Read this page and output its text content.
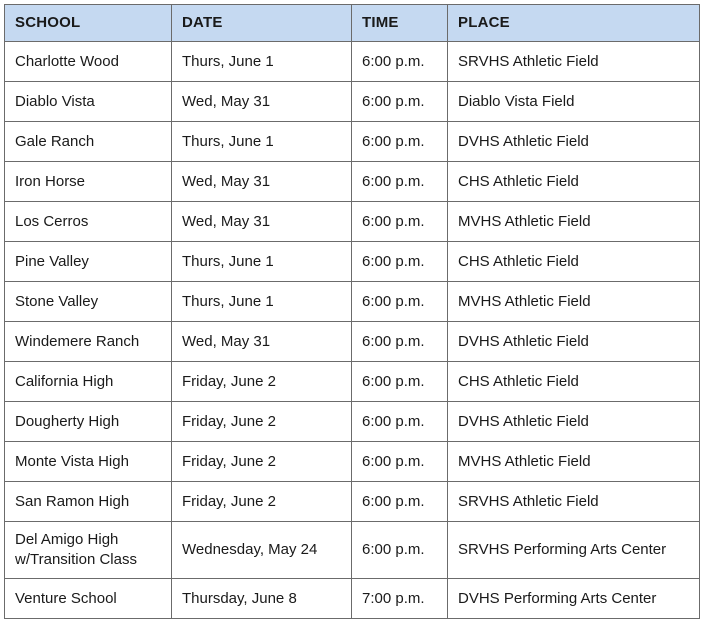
SCHOOL	DATE	TIME	PLACE

Charlotte Wood	Thurs, June 1	6:00 p.m.	SRVHS Athletic Field

Diablo Vista	Wed, May 31	6:00 p.m.	Diablo Vista Field

Gale Ranch	Thurs, June 1	6:00 p.m.	DVHS Athletic Field

Iron Horse	Wed, May 31	6:00 p.m.	CHS Athletic Field

Los Cerros	Wed, May 31	6:00 p.m.	MVHS Athletic Field

Pine Valley	Thurs, June 1	6:00 p.m.	CHS Athletic Field

Stone Valley	Thurs, June 1	6:00 p.m.	MVHS Athletic Field

Windemere Ranch	Wed, May 31	6:00 p.m.	DVHS Athletic Field

California High	Friday, June 2	6:00 p.m.	CHS Athletic Field

Dougherty High	Friday, June 2	6:00 p.m.	DVHS Athletic Field

Monte Vista High	Friday, June 2	6:00 p.m.	MVHS Athletic Field

San Ramon High	Friday, June 2	6:00 p.m.	SRVHS Athletic Field

Del Amigo High
w/Transition Class	Wednesday, May 24	6:00 p.m.	SRVHS Performing Arts Center

Venture School	Thursday, June 8	7:00 p.m.	DVHS Performing Arts Center
